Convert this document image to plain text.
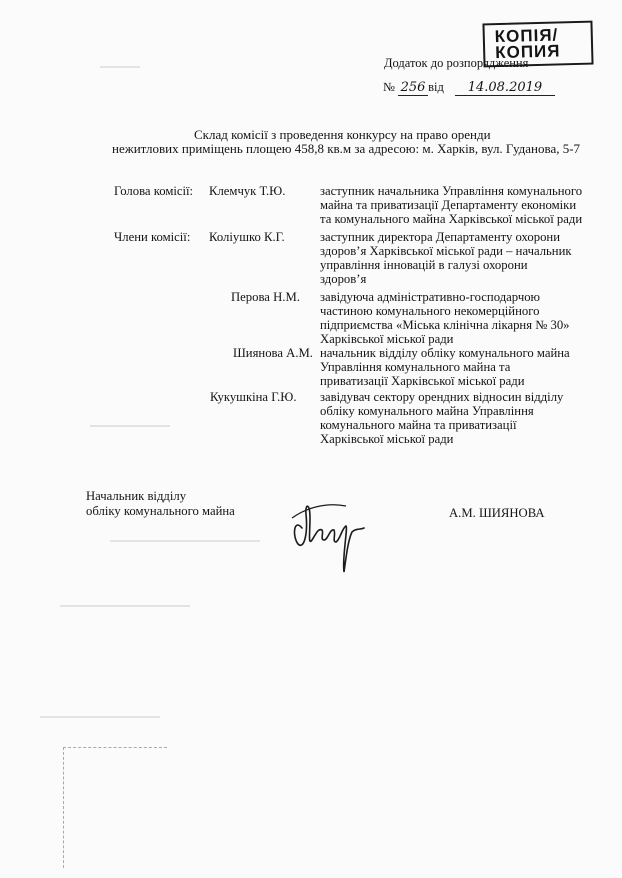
КОПІЯ/
КОПИЯ
Додаток до розпорядження
№ 256 від 14.08.2019
Склад комісії з проведення конкурсу на право оренди
нежитлових приміщень площею 458,8 кв.м за адресою: м. Харків, вул. Гуданова, 5-7
Голова комісії: Клемчук Т.Ю.	заступник начальника Управління комунального
майна та приватизації Департаменту економіки
та комунального майна Харківської міської ради
Члени комісії: Коліушко К.Г.	заступник директора Департаменту охорони
здоров’я Харківської міської ради – начальник
управління інновацій в галузі охорони
здоров’я
Перова Н.М. завідуюча адміністративно-господарчою
частиною комунального некомерційного
підприємства «Міська клінічна лікарня № 30»
Харківської міської ради
Шиянова А.М. начальник відділу обліку комунального майна
Управління комунального майна та
приватизації Харківської міської ради
Кукушкіна Г.Ю. завідувач сектору орендних відносин відділу
обліку комунального майна Управління
комунального майна та приватизації
Харківської міської ради
Начальник відділу
обліку комунального майна	А.М. ШИЯНОВА
